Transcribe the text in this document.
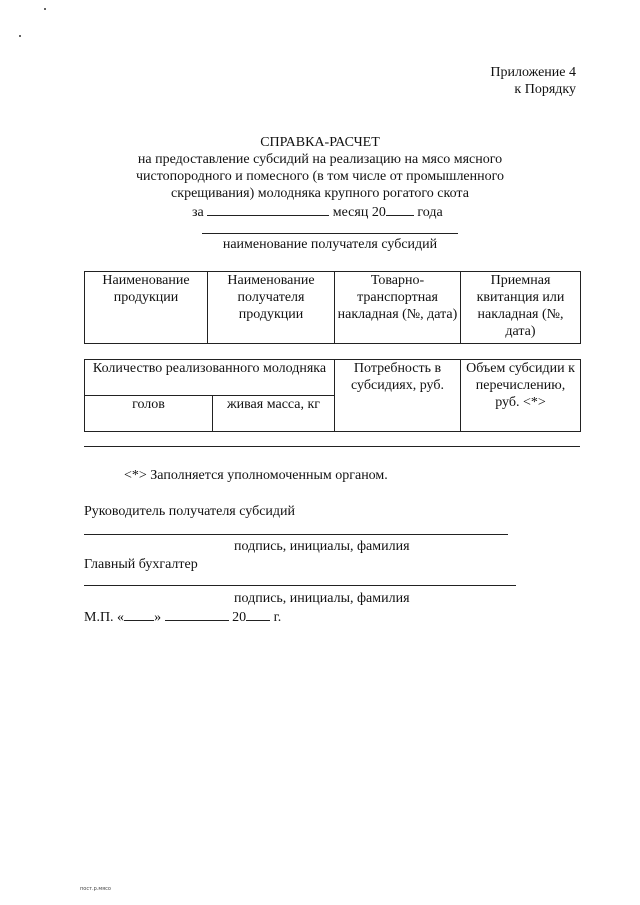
Приложение 4
к Порядку
СПРАВКА-РАСЧЕТ
на предоставление субсидий на реализацию на мясо мясного
чистопородного и помесного (в том числе от промышленного
скрещивания) молодняка крупного рогатого скота
за	месяц 20 года
наименование получателя субсидий
Наименование продукции	Наименование получателя продукции	Товарно-транспортная накладная (№, дата)	Приемная квитанция или накладная (№, дата)
Количество реализованного молодняка		Потребность в субсидиях, руб.	Объем субсидии к перечислению, руб. <*>
голов	живая масса, кг		
<*> Заполняется уполномоченным органом.
Руководитель получателя субсидий
подпись, инициалы, фамилия
Главный бухгалтер
подпись, инициалы, фамилия
М.П. « »	20 г.
пост.р.мясо
